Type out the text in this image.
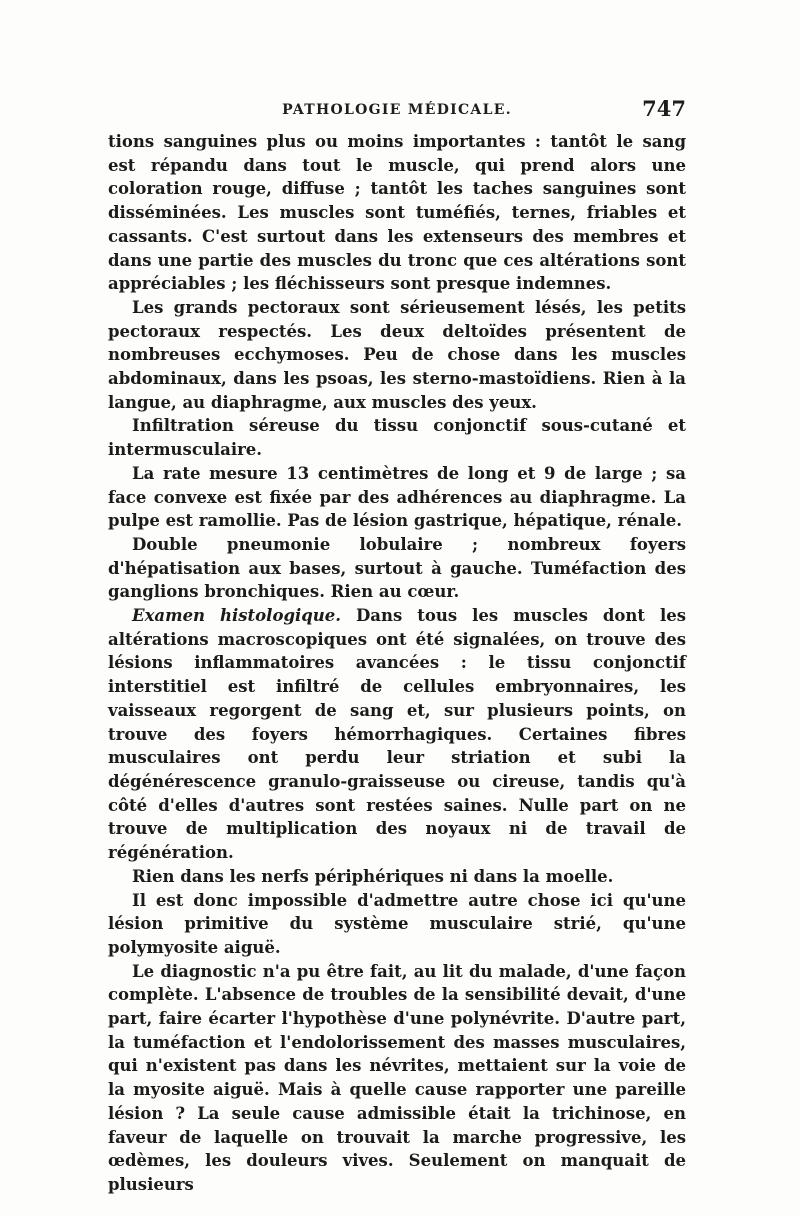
PATHOLOGIE MÉDICALE.	747

tions sanguines plus ou moins importantes : tantôt le sang est répandu dans tout le muscle, qui prend alors une coloration rouge, diffuse ; tantôt les taches sanguines sont disséminées. Les muscles sont tuméfiés, ternes, friables et cassants. C'est surtout dans les extenseurs des membres et dans une partie des muscles du tronc que ces altérations sont appréciables ; les fléchisseurs sont presque indemnes.

Les grands pectoraux sont sérieusement lésés, les petits pectoraux respectés. Les deux deltoïdes présentent de nombreuses ecchymoses. Peu de chose dans les muscles abdominaux, dans les psoas, les sterno-mastoïdiens. Rien à la langue, au diaphragme, aux muscles des yeux.

Infiltration séreuse du tissu conjonctif sous-cutané et intermusculaire.

La rate mesure 13 centimètres de long et 9 de large ; sa face convexe est fixée par des adhérences au diaphragme. La pulpe est ramollie. Pas de lésion gastrique, hépatique, rénale.

Double pneumonie lobulaire ; nombreux foyers d'hépatisation aux bases, surtout à gauche. Tuméfaction des ganglions bronchiques. Rien au cœur.

Examen histologique. Dans tous les muscles dont les altérations macroscopiques ont été signalées, on trouve des lésions inflammatoires avancées : le tissu conjonctif interstitiel est infiltré de cellules embryonnaires, les vaisseaux regorgent de sang et, sur plusieurs points, on trouve des foyers hémorrhagiques. Certaines fibres musculaires ont perdu leur striation et subi la dégénérescence granulo-graisseuse ou cireuse, tandis qu'à côté d'elles d'autres sont restées saines. Nulle part on ne trouve de multiplication des noyaux ni de travail de régénération.

Rien dans les nerfs périphériques ni dans la moelle.

Il est donc impossible d'admettre autre chose ici qu'une lésion primitive du système musculaire strié, qu'une polymyosite aiguë.

Le diagnostic n'a pu être fait, au lit du malade, d'une façon complète. L'absence de troubles de la sensibilité devait, d'une part, faire écarter l'hypothèse d'une polynévrite. D'autre part, la tuméfaction et l'endolorissement des masses musculaires, qui n'existent pas dans les névrites, mettaient sur la voie de la myosite aiguë. Mais à quelle cause rapporter une pareille lésion ? La seule cause admissible était la trichinose, en faveur de laquelle on trouvait la marche progressive, les œdèmes, les douleurs vives. Seulement on manquait de plusieurs
